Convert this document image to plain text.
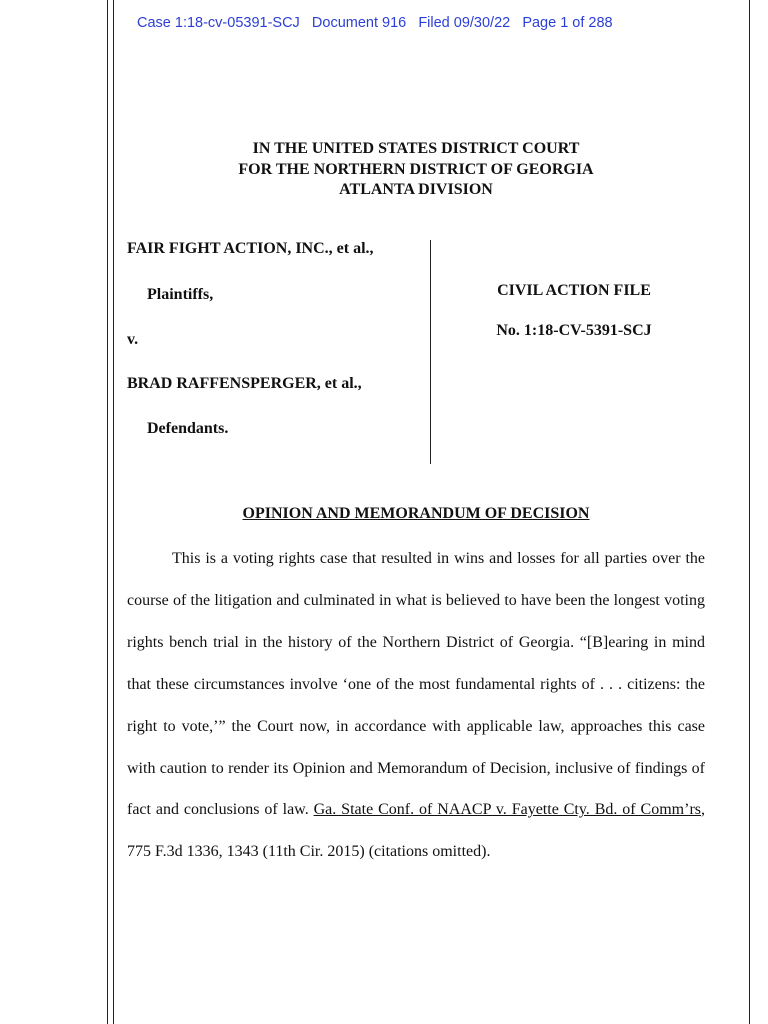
Case 1:18-cv-05391-SCJ Document 916 Filed 09/30/22 Page 1 of 288
IN THE UNITED STATES DISTRICT COURT
FOR THE NORTHERN DISTRICT OF GEORGIA
ATLANTA DIVISION
FAIR FIGHT ACTION, INC., et al.,
Plaintiffs,
v.
BRAD RAFFENSPERGER, et al.,
Defendants.
CIVIL ACTION FILE
No. 1:18-CV-5391-SCJ
OPINION AND MEMORANDUM OF DECISION

This is a voting rights case that resulted in wins and losses for all parties over the course of the litigation and culminated in what is believed to have been the longest voting rights bench trial in the history of the Northern District of Georgia. “[B]earing in mind that these circumstances involve ‘one of the most fundamental rights of . . . citizens: the right to vote,’” the Court now, in accordance with applicable law, approaches this case with caution to render its Opinion and Memorandum of Decision, inclusive of findings of fact and conclusions of law. Ga. State Conf. of NAACP v. Fayette Cty. Bd. of Comm’rs, 775 F.3d 1336, 1343 (11th Cir. 2015) (citations omitted).
